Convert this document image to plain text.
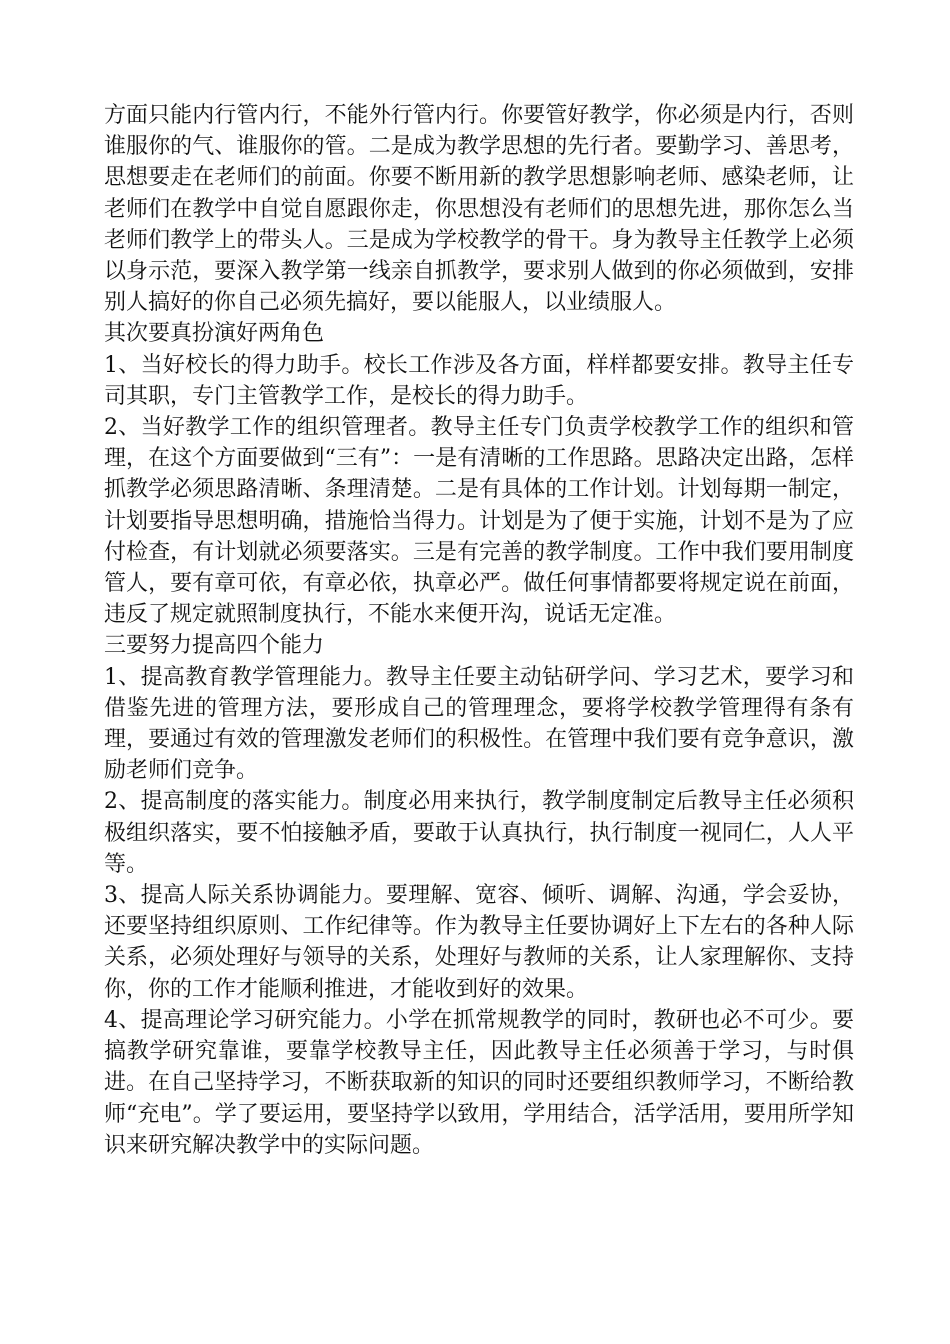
方面只能内行管内行，不能外行管内行。你要管好教学，你必须是内行，否则谁服你的气、谁服你的管。二是成为教学思想的先行者。要勤学习、善思考，思想要走在老师们的前面。你要不断用新的教学思想影响老师、感染老师，让老师们在教学中自觉自愿跟你走，你思想没有老师们的思想先进，那你怎么当老师们教学上的带头人。三是成为学校教学的骨干。身为教导主任教学上必须以身示范，要深入教学第一线亲自抓教学，要求别人做到的你必须做到，安排别人搞好的你自己必须先搞好，要以能服人，以业绩服人。

其次要真扮演好两角色

1、当好校长的得力助手。校长工作涉及各方面，样样都要安排。教导主任专司其职，专门主管教学工作，是校长的得力助手。

2、当好教学工作的组织管理者。教导主任专门负责学校教学工作的组织和管理，在这个方面要做到“三有”：一是有清晰的工作思路。思路决定出路，怎样抓教学必须思路清晰、条理清楚。二是有具体的工作计划。计划每期一制定，计划要指导思想明确，措施恰当得力。计划是为了便于实施，计划不是为了应付检查，有计划就必须要落实。三是有完善的教学制度。工作中我们要用制度管人，要有章可依，有章必依，执章必严。做任何事情都要将规定说在前面，违反了规定就照制度执行，不能水来便开沟，说话无定准。

三要努力提高四个能力

1、提高教育教学管理能力。教导主任要主动钻研学问、学习艺术，要学习和借鉴先进的管理方法，要形成自己的管理理念，要将学校教学管理得有条有理，要通过有效的管理激发老师们的积极性。在管理中我们要有竞争意识，激励老师们竞争。

2、提高制度的落实能力。制度必用来执行，教学制度制定后教导主任必须积极组织落实，要不怕接触矛盾，要敢于认真执行，执行制度一视同仁，人人平等。

3、提高人际关系协调能力。要理解、宽容、倾听、调解、沟通，学会妥协，还要坚持组织原则、工作纪律等。作为教导主任要协调好上下左右的各种人际关系，必须处理好与领导的关系，处理好与教师的关系，让人家理解你、支持你，你的工作才能顺利推进，才能收到好的效果。

4、提高理论学习研究能力。小学在抓常规教学的同时，教研也必不可少。要搞教学研究靠谁，要靠学校教导主任，因此教导主任必须善于学习，与时俱进。在自己坚持学习，不断获取新的知识的同时还要组织教师学习，不断给教师“充电”。学了要运用，要坚持学以致用，学用结合，活学活用，要用所学知识来研究解决教学中的实际问题。
